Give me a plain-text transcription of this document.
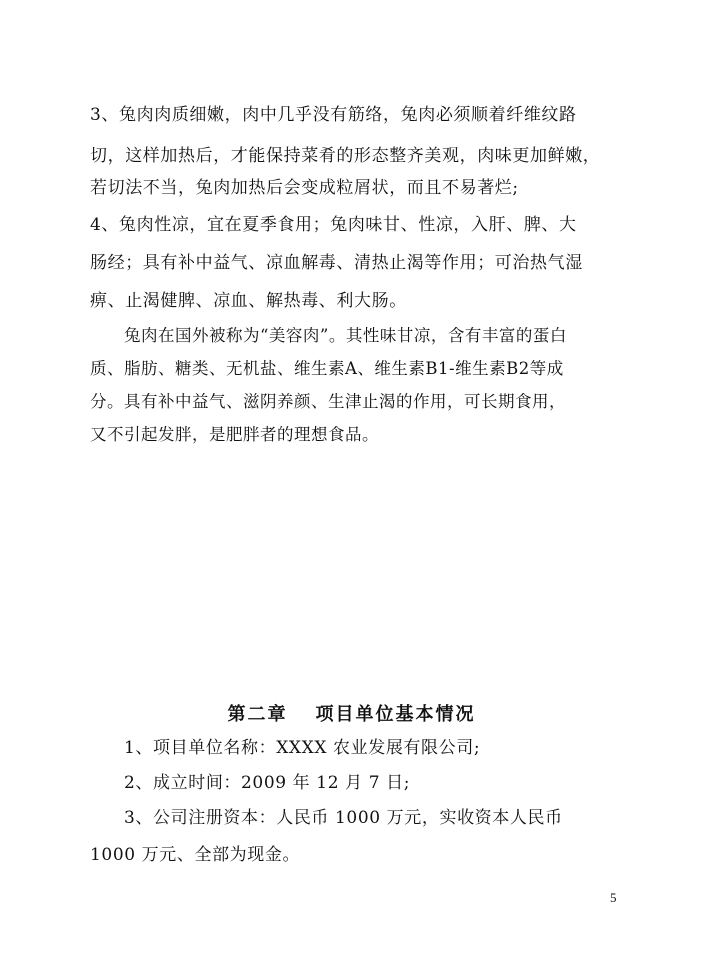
3、兔肉肉质细嫩，肉中几乎没有筋络，兔肉必须顺着纤维纹路
切，这样加热后，才能保持菜肴的形态整齐美观，肉味更加鲜嫩，
若切法不当，兔肉加热后会变成粒屑状，而且不易著烂;
4、兔肉性凉，宜在夏季食用；兔肉味甘、性凉，入肝、脾、大
肠经；具有补中益气、凉血解毒、清热止渴等作用；可治热气湿
痹、止渴健脾、凉血、解热毒、利大肠。
兔肉在国外被称为“美容肉”。其性味甘凉，含有丰富的蛋白
质、脂肪、糖类、无机盐、维生素A、维生素B1-维生素B2等成
分。具有补中益气、滋阴养颜、生津止渴的作用，可长期食用，
又不引起发胖，是肥胖者的理想食品。
第二章 项目单位基本情况
1、项目单位名称：XXXX 农业发展有限公司;
2、成立时间：2009 年 12 月 7 日;
3、公司注册资本：人民币 1000 万元，实收资本人民币
1000 万元、全部为现金。
5
